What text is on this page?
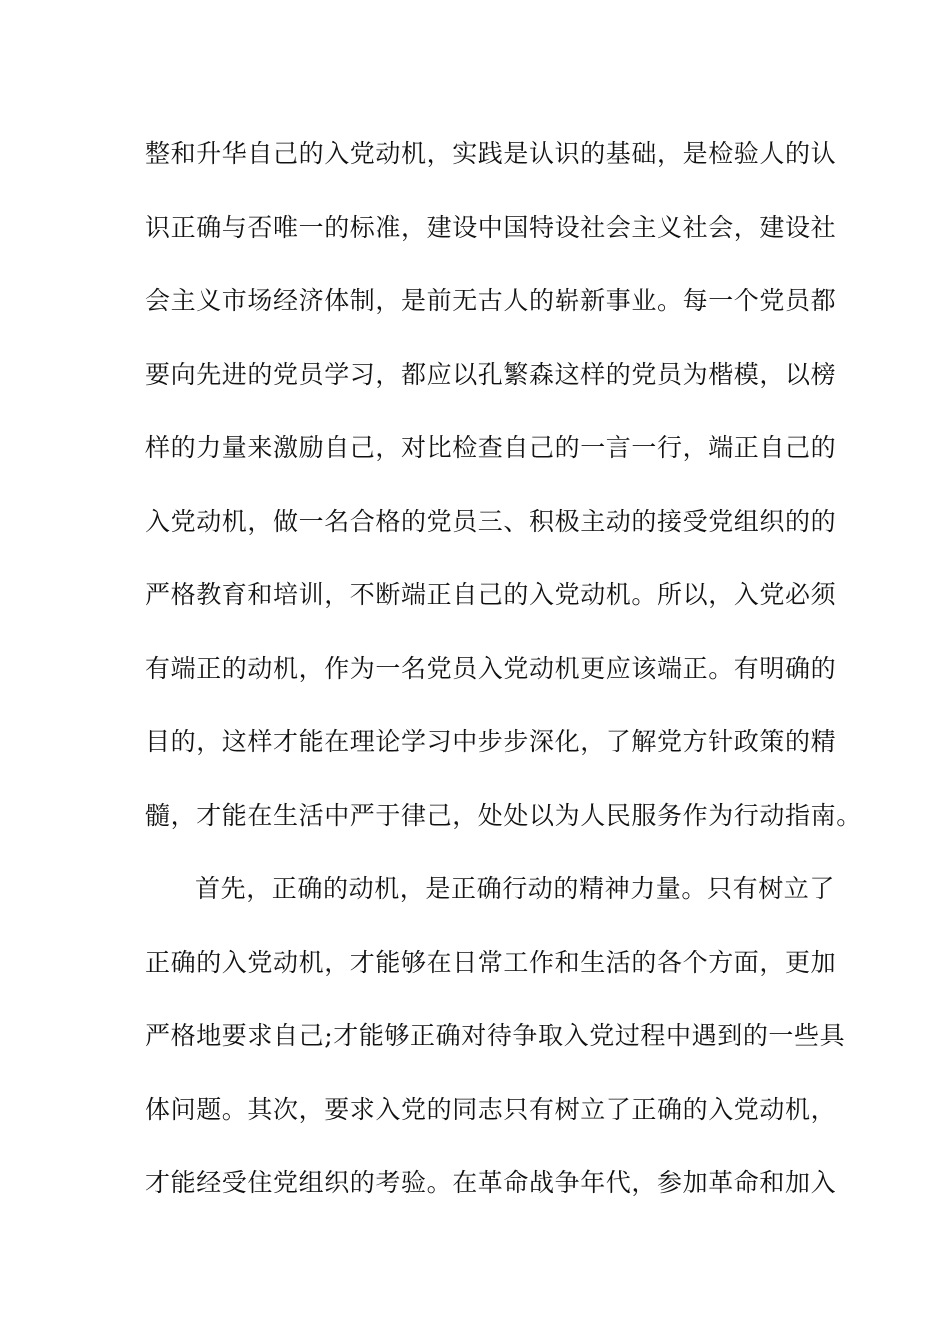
整和升华自己的入党动机，实践是认识的基础，是检验人的认
识正确与否唯一的标准，建设中国特设社会主义社会，建设社
会主义市场经济体制，是前无古人的崭新事业。每一个党员都
要向先进的党员学习，都应以孔繁森这样的党员为楷模，以榜
样的力量来激励自己，对比检查自己的一言一行，端正自己的
入党动机，做一名合格的党员三、积极主动的接受党组织的的
严格教育和培训，不断端正自己的入党动机。所以，入党必须
有端正的动机，作为一名党员入党动机更应该端正。有明确的
目的，这样才能在理论学习中步步深化，了解党方针政策的精
髓，才能在生活中严于律己，处处以为人民服务作为行动指南。
首先，正确的动机，是正确行动的精神力量。只有树立了
正确的入党动机，才能够在日常工作和生活的各个方面，更加
严格地要求自己;才能够正确对待争取入党过程中遇到的一些具
体问题。其次，要求入党的同志只有树立了正确的入党动机，
才能经受住党组织的考验。在革命战争年代，参加革命和加入
